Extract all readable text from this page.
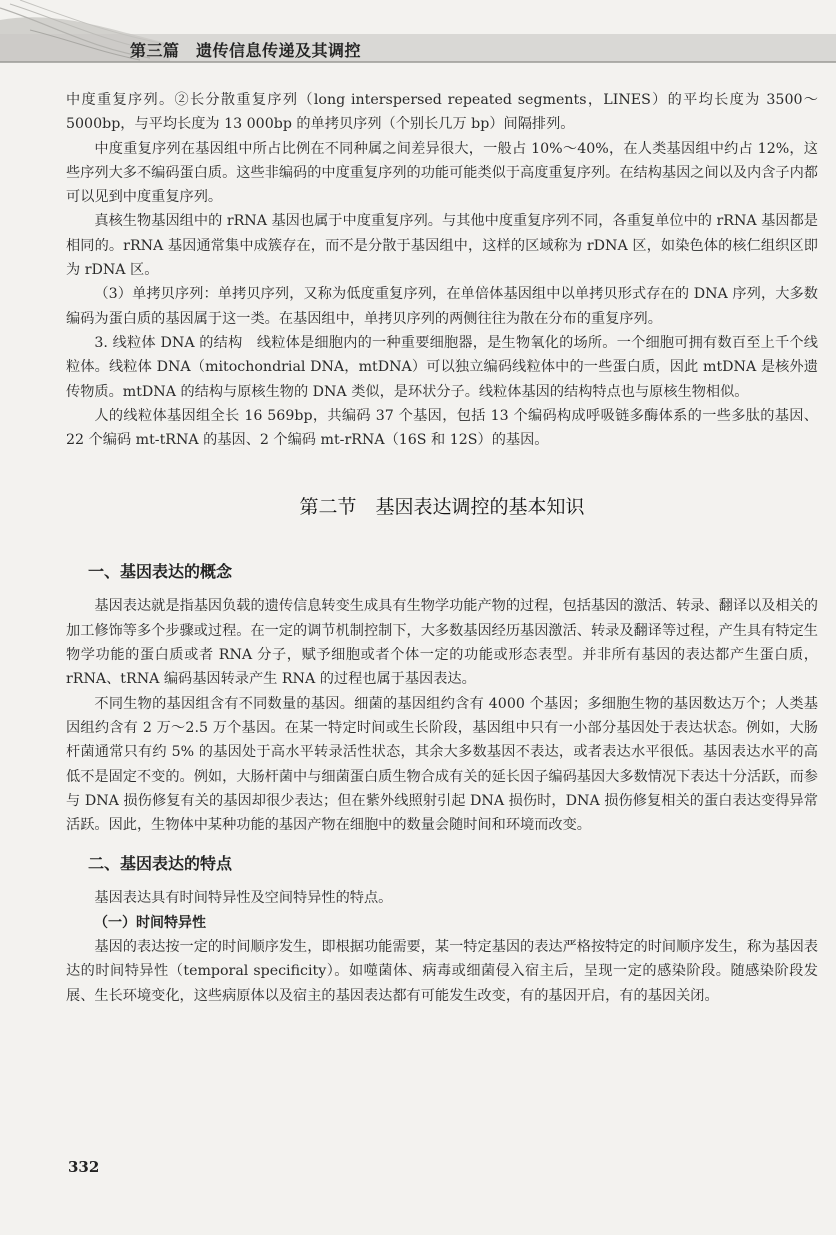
第三篇　遗传信息传递及其调控

中度重复序列。②长分散重复序列（long interspersed repeated segments，LINES）的平均长度为 3500～5000bp，与平均长度为 13 000bp 的单拷贝序列（个别长几万 bp）间隔排列。

中度重复序列在基因组中所占比例在不同种属之间差异很大，一般占 10%～40%，在人类基因组中约占 12%，这些序列大多不编码蛋白质。这些非编码的中度重复序列的功能可能类似于高度重复序列。在结构基因之间以及内含子内都可以见到中度重复序列。

真核生物基因组中的 rRNA 基因也属于中度重复序列。与其他中度重复序列不同，各重复单位中的 rRNA 基因都是相同的。rRNA 基因通常集中成簇存在，而不是分散于基因组中，这样的区域称为 rDNA 区，如染色体的核仁组织区即为 rDNA 区。

（3）单拷贝序列：单拷贝序列，又称为低度重复序列，在单倍体基因组中以单拷贝形式存在的 DNA 序列，大多数编码为蛋白质的基因属于这一类。在基因组中，单拷贝序列的两侧往往为散在分布的重复序列。

3. 线粒体 DNA 的结构　线粒体是细胞内的一种重要细胞器，是生物氧化的场所。一个细胞可拥有数百至上千个线粒体。线粒体 DNA（mitochondrial DNA，mtDNA）可以独立编码线粒体中的一些蛋白质，因此 mtDNA 是核外遗传物质。mtDNA 的结构与原核生物的 DNA 类似，是环状分子。线粒体基因的结构特点也与原核生物相似。

人的线粒体基因组全长 16 569bp，共编码 37 个基因，包括 13 个编码构成呼吸链多酶体系的一些多肽的基因、22 个编码 mt-tRNA 的基因、2 个编码 mt-rRNA（16S 和 12S）的基因。

第二节　基因表达调控的基本知识
一、基因表达的概念

基因表达就是指基因负载的遗传信息转变生成具有生物学功能产物的过程，包括基因的激活、转录、翻译以及相关的加工修饰等多个步骤或过程。在一定的调节机制控制下，大多数基因经历基因激活、转录及翻译等过程，产生具有特定生物学功能的蛋白质或者 RNA 分子，赋予细胞或者个体一定的功能或形态表型。并非所有基因的表达都产生蛋白质，rRNA、tRNA 编码基因转录产生 RNA 的过程也属于基因表达。

不同生物的基因组含有不同数量的基因。细菌的基因组约含有 4000 个基因；多细胞生物的基因数达万个；人类基因组约含有 2 万～2.5 万个基因。在某一特定时间或生长阶段，基因组中只有一小部分基因处于表达状态。例如，大肠杆菌通常只有约 5% 的基因处于高水平转录活性状态，其余大多数基因不表达，或者表达水平很低。基因表达水平的高低不是固定不变的。例如，大肠杆菌中与细菌蛋白质生物合成有关的延长因子编码基因大多数情况下表达十分活跃，而参与 DNA 损伤修复有关的基因却很少表达；但在紫外线照射引起 DNA 损伤时，DNA 损伤修复相关的蛋白表达变得异常活跃。因此，生物体中某种功能的基因产物在细胞中的数量会随时间和环境而改变。

二、基因表达的特点

基因表达具有时间特异性及空间特异性的特点。

（一）时间特异性

基因的表达按一定的时间顺序发生，即根据功能需要，某一特定基因的表达严格按特定的时间顺序发生，称为基因表达的时间特异性（temporal specificity）。如噬菌体、病毒或细菌侵入宿主后，呈现一定的感染阶段。随感染阶段发展、生长环境变化，这些病原体以及宿主的基因表达都有可能发生改变，有的基因开启，有的基因关闭。

332
